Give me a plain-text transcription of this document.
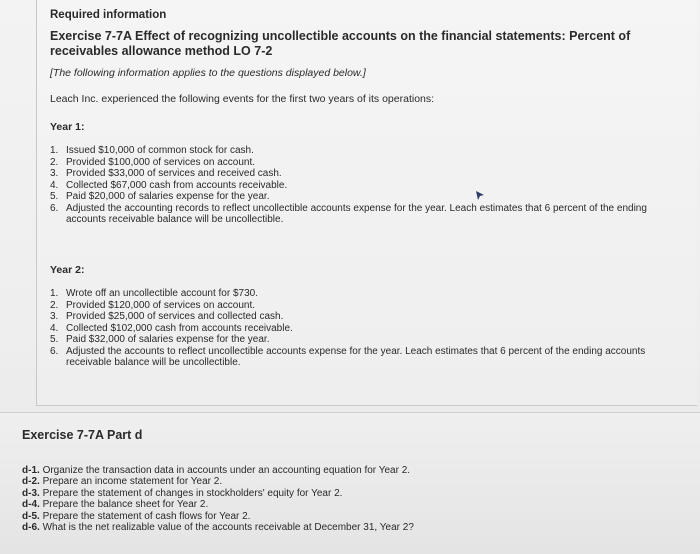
Required information
Exercise 7-7A Effect of recognizing uncollectible accounts on the financial statements: Percent of receivables allowance method LO 7-2
[The following information applies to the questions displayed below.]
Leach Inc. experienced the following events for the first two years of its operations:
Year 1:
1. Issued $10,000 of common stock for cash.
2. Provided $100,000 of services on account.
3. Provided $33,000 of services and received cash.
4. Collected $67,000 cash from accounts receivable.
5. Paid $20,000 of salaries expense for the year.
6. Adjusted the accounting records to reflect uncollectible accounts expense for the year. Leach estimates that 6 percent of the ending accounts receivable balance will be uncollectible.
Year 2:
1. Wrote off an uncollectible account for $730.
2. Provided $120,000 of services on account.
3. Provided $25,000 of services and collected cash.
4. Collected $102,000 cash from accounts receivable.
5. Paid $32,000 of salaries expense for the year.
6. Adjusted the accounts to reflect uncollectible accounts expense for the year. Leach estimates that 6 percent of the ending accounts receivable balance will be uncollectible.
Exercise 7-7A Part d
d-1. Organize the transaction data in accounts under an accounting equation for Year 2.
d-2. Prepare an income statement for Year 2.
d-3. Prepare the statement of changes in stockholders' equity for Year 2.
d-4. Prepare the balance sheet for Year 2.
d-5. Prepare the statement of cash flows for Year 2.
d-6. What is the net realizable value of the accounts receivable at December 31, Year 2?
